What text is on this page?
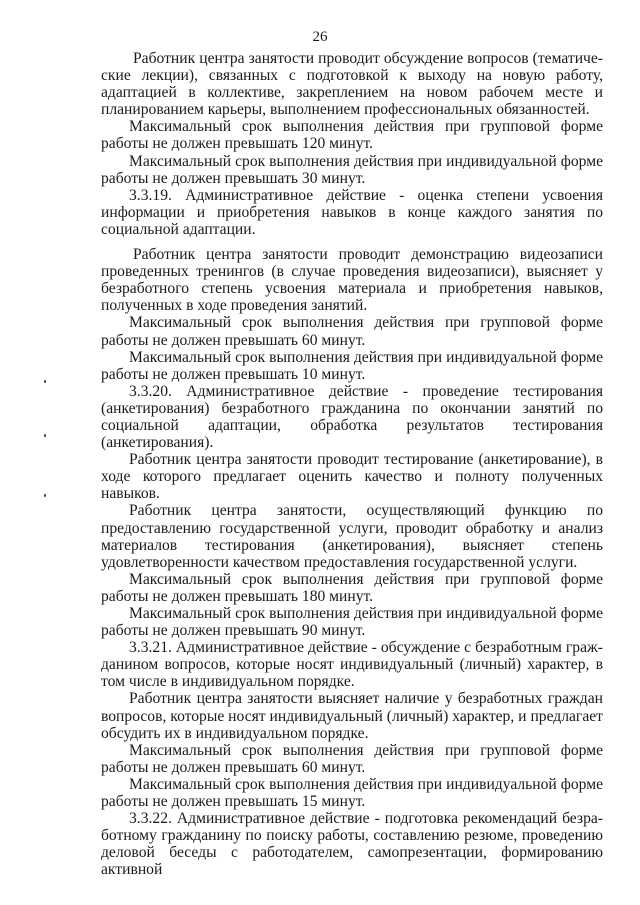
26

Работник центра занятости проводит обсуждение вопросов (тематические лекции), связанных с подготовкой к выходу на новую работу, адаптацией в коллективе, закреплением на новом рабочем месте и планированием карьеры, выполнением профессиональных обязанностей.

Максимальный срок выполнения действия при групповой форме работы не должен превышать 120 минут.

Максимальный срок выполнения действия при индивидуальной форме работы не должен превышать 30 минут.

3.3.19. Административное действие - оценка степени усвоения информации и приобретения навыков в конце каждого занятия по социальной адаптации.

Работник центра занятости проводит демонстрацию видеозаписи проведенных тренингов (в случае проведения видеозаписи), выясняет у безработного степень усвоения материала и приобретения навыков, полученных в ходе проведения занятий.

Максимальный срок выполнения действия при групповой форме работы не должен превышать 60 минут.

Максимальный срок выполнения действия при индивидуальной форме работы не должен превышать 10 минут.

3.3.20. Административное действие - проведение тестирования (анкетирования) безработного гражданина по окончании занятий по социальной адаптации, обработка результатов тестирования (анкетирования).

Работник центра занятости проводит тестирование (анкетирование), в ходе которого предлагает оценить качество и полноту полученных навыков.

Работник центра занятости, осуществляющий функцию по предоставлению государственной услуги, проводит обработку и анализ материалов тестирования (анкетирования), выясняет степень удовлетворенности качеством предоставления государственной услуги.

Максимальный срок выполнения действия при групповой форме работы не должен превышать 180 минут.

Максимальный срок выполнения действия при индивидуальной форме работы не должен превышать 90 минут.

3.3.21. Административное действие - обсуждение с безработным гражданином вопросов, которые носят индивидуальный (личный) характер, в том числе в индивидуальном порядке.

Работник центра занятости выясняет наличие у безработных граждан вопросов, которые носят индивидуальный (личный) характер, и предлагает обсудить их в индивидуальном порядке.

Максимальный срок выполнения действия при групповой форме работы не должен превышать 60 минут.

Максимальный срок выполнения действия при индивидуальной форме работы не должен превышать 15 минут.

3.3.22. Административное действие - подготовка рекомендаций безработному гражданину по поиску работы, составлению резюме, проведению деловой беседы с работодателем, самопрезентации, формированию активной
